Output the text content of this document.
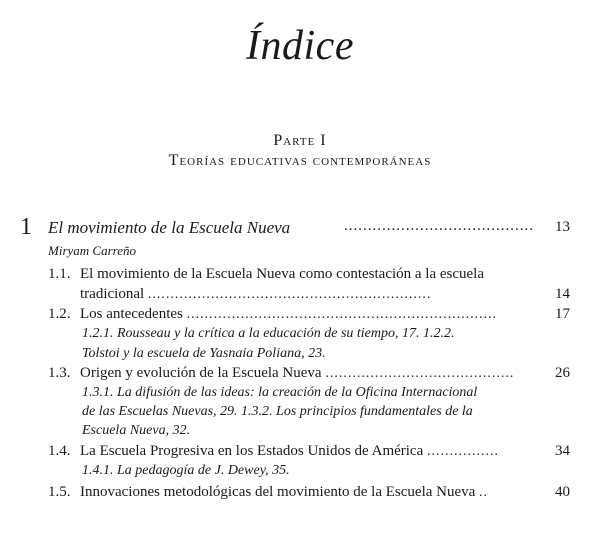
Índice
Parte I
Teorías educativas contemporáneas
1 El movimiento de la Escuela Nueva	........................................ 13
Miryam Carreño
1.1. El movimiento de la Escuela Nueva como contestación a la escuela
tradicional ...............................................................	14
1.2. Los antecedentes .....................................................................	17
1.2.1. Rousseau y la crítica a la educación de su tiempo, 17. 1.2.2.
Tolstoi y la escuela de Yasnaia Poliana, 23.
1.3. Origen y evolución de la Escuela Nueva ..........................................	26
1.3.1. La difusión de las ideas: la creación de la Oficina Internacional
de las Escuelas Nuevas, 29. 1.3.2. Los principios fundamentales de la
Escuela Nueva, 32.
1.4. La Escuela Progresiva en los Estados Unidos de América ................	34
1.4.1. La pedagogía de J. Dewey, 35.
1.5. Innovaciones metodológicas del movimiento de la Escuela Nueva ..	40
